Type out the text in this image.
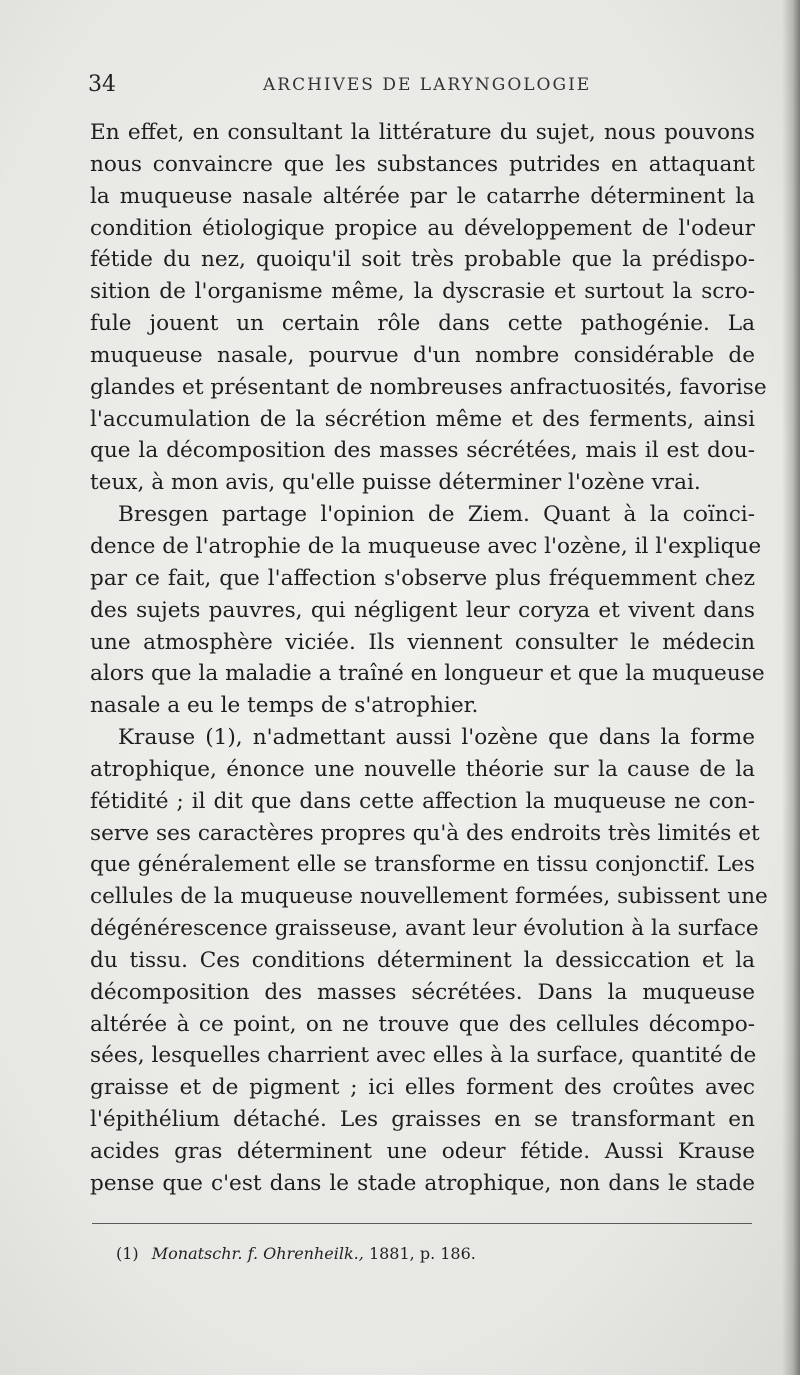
34	ARCHIVES DE LARYNGOLOGIE
En effet, en consultant la littérature du sujet, nous pouvons
nous convaincre que les substances putrides en attaquant
la muqueuse nasale altérée par le catarrhe déterminent la
condition étiologique propice au développement de l'odeur
fétide du nez, quoiqu'il soit très probable que la prédispo-
sition de l'organisme même, la dyscrasie et surtout la scro-
fule jouent un certain rôle dans cette pathogénie. La
muqueuse nasale, pourvue d'un nombre considérable de
glandes et présentant de nombreuses anfractuosités, favorise
l'accumulation de la sécrétion même et des ferments, ainsi
que la décomposition des masses sécrétées, mais il est dou-
teux, à mon avis, qu'elle puisse déterminer l'ozène vrai.
Bresgen partage l'opinion de Ziem. Quant à la coïnci-
dence de l'atrophie de la muqueuse avec l'ozène, il l'explique
par ce fait, que l'affection s'observe plus fréquemment chez
des sujets pauvres, qui négligent leur coryza et vivent dans
une atmosphère viciée. Ils viennent consulter le médecin
alors que la maladie a traîné en longueur et que la muqueuse
nasale a eu le temps de s'atrophier.
Krause (1), n'admettant aussi l'ozène que dans la forme
atrophique, énonce une nouvelle théorie sur la cause de la
fétidité ; il dit que dans cette affection la muqueuse ne con-
serve ses caractères propres qu'à des endroits très limités et
que généralement elle se transforme en tissu conjonctif. Les
cellules de la muqueuse nouvellement formées, subissent une
dégénérescence graisseuse, avant leur évolution à la surface
du tissu. Ces conditions déterminent la dessiccation et la
décomposition des masses sécrétées. Dans la muqueuse
altérée à ce point, on ne trouve que des cellules décompo-
sées, lesquelles charrient avec elles à la surface, quantité de
graisse et de pigment ; ici elles forment des croûtes avec
l'épithélium détaché. Les graisses en se transformant en
acides gras déterminent une odeur fétide. Aussi Krause
pense que c'est dans le stade atrophique, non dans le stade
(1) Monatschr. f. Ohrenheilk., 1881, p. 186.
